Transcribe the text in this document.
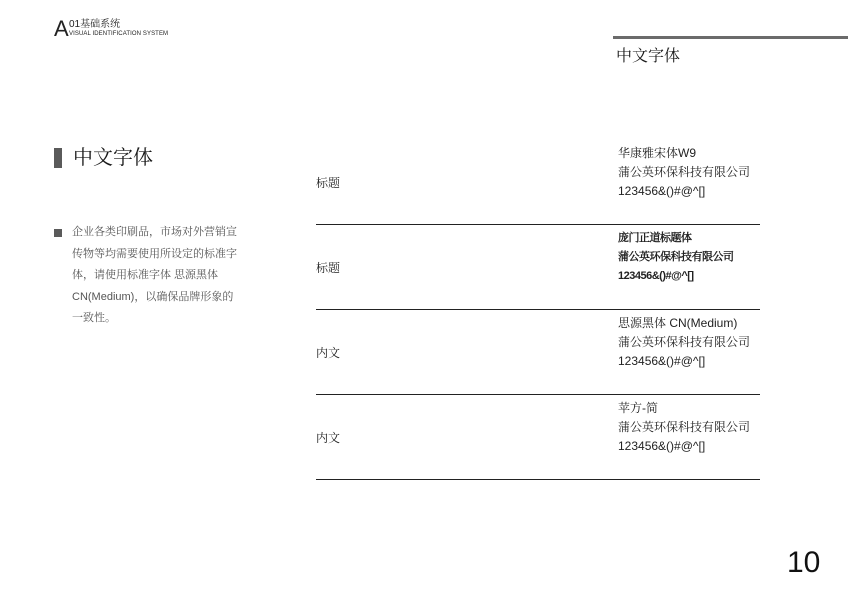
A 01基础系统
VISUAL IDENTIFICATION SYSTEM
中文字体
中文字体
企业各类印刷品，市场对外营销宣传物等均需要使用所设定的标准字体，请使用标准字体 思源黑体 CN(Medium)，以确保品牌形象的一致性。
标题
华康雅宋体W9
蒲公英环保科技有限公司
123456&()#@^[]
标题
庞门正道标题体
蒲公英环保科技有限公司
123456&()#@^[]
内文
思源黑体 CN(Medium)
蒲公英环保科技有限公司
123456&()#@^[]
内文
苹方-简
蒲公英环保科技有限公司
123456&()#@^[]
10
